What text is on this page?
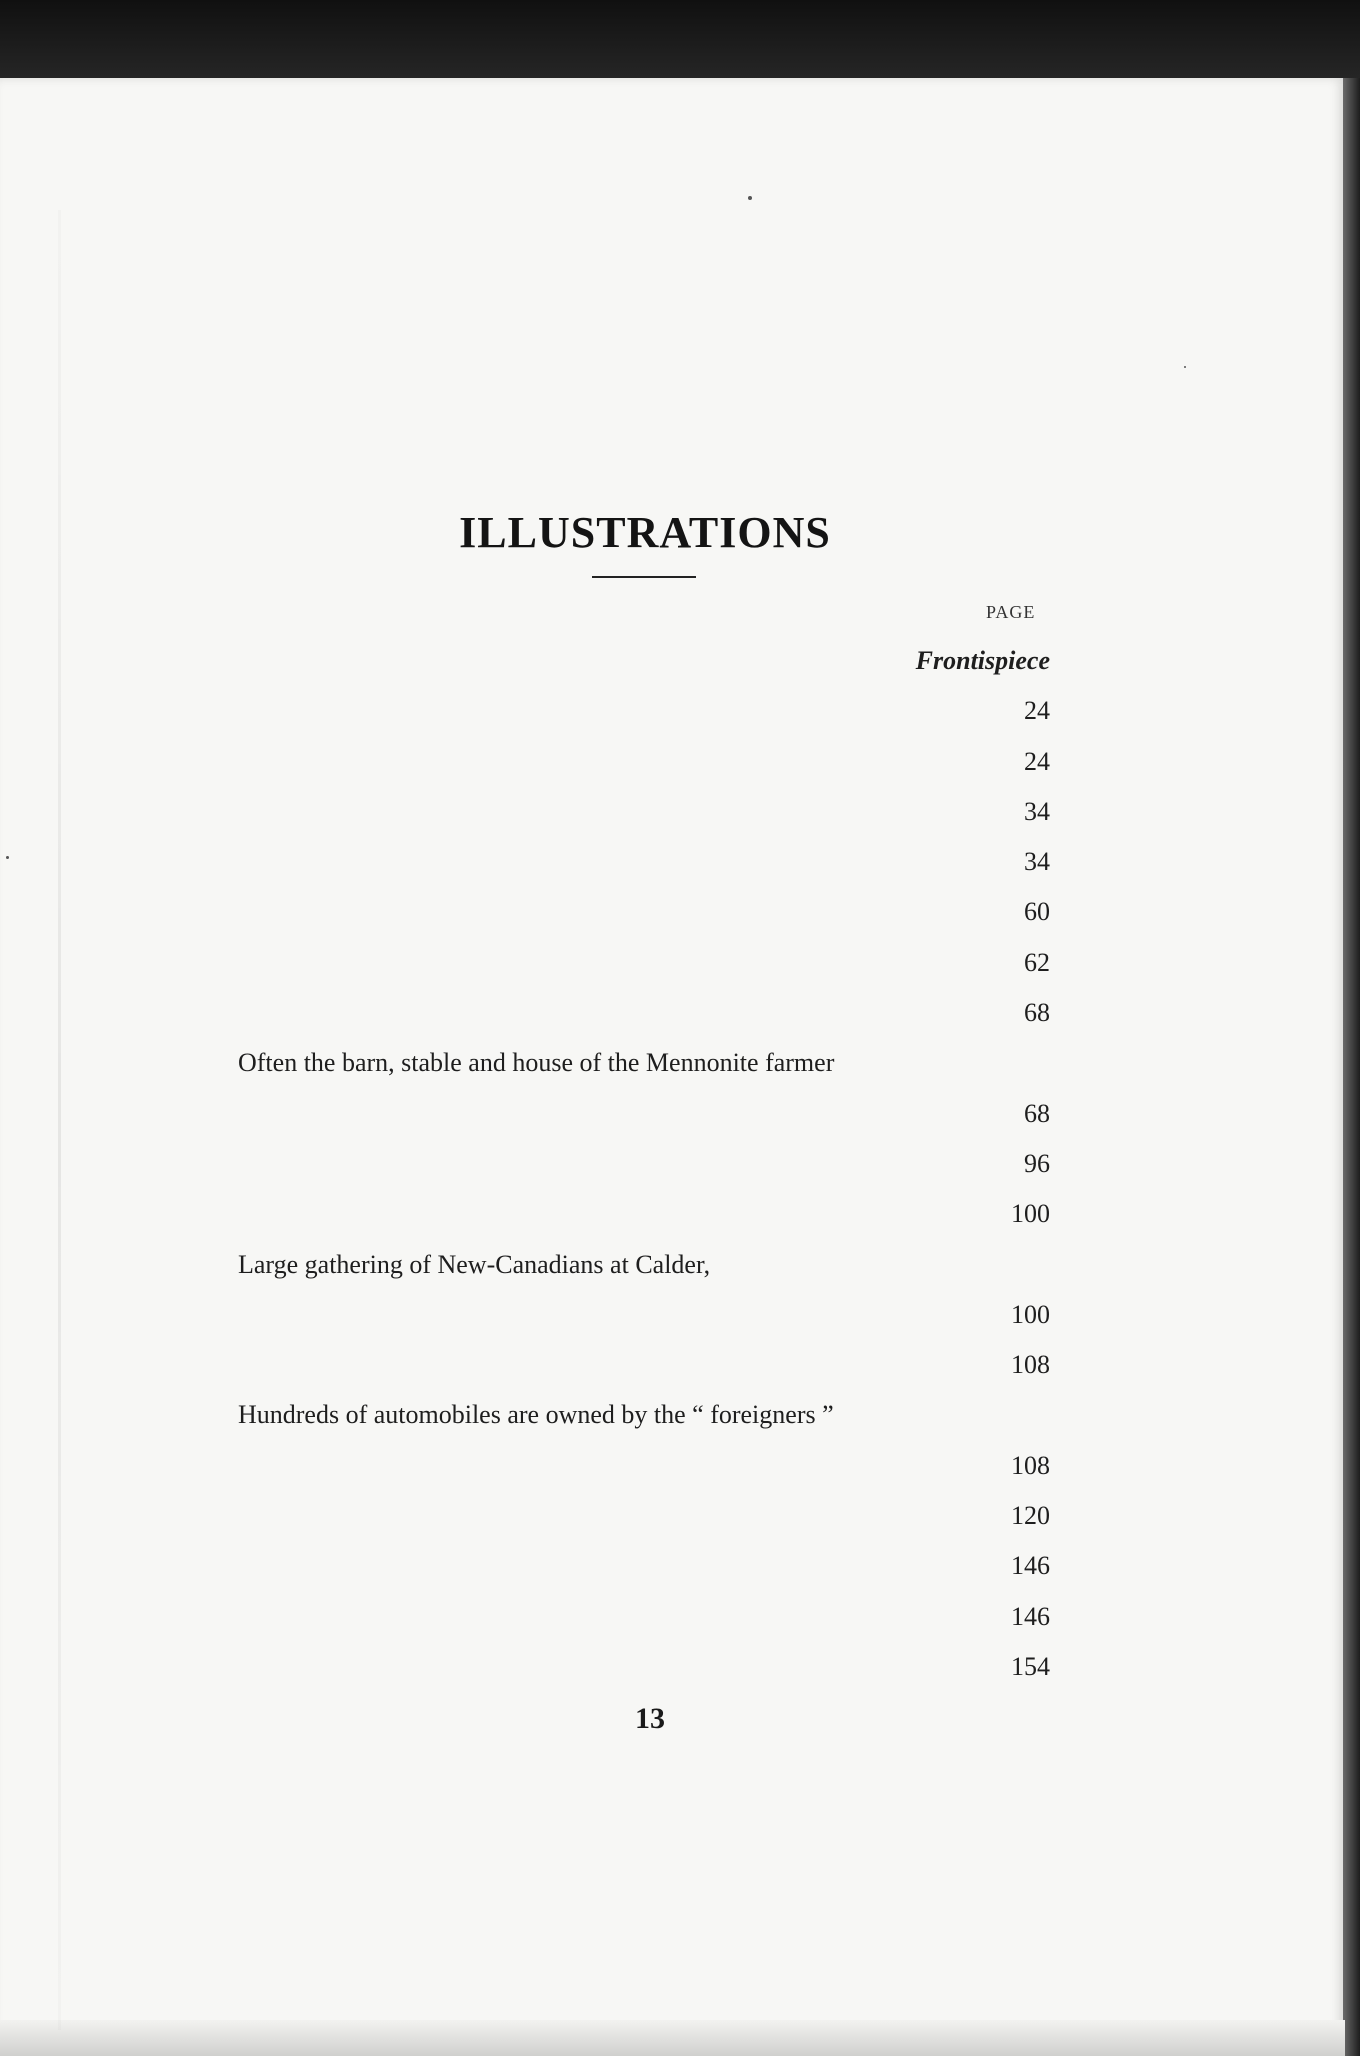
ILLUSTRATIONS
PAGE
Frontispiece
24
24
34
34
60
62
68
Often the barn, stable and house of the Mennonite farmer
68
96
100
Large gathering of New-Canadians at Calder,
100
108
Hundreds of automobiles are owned by the “ foreigners ”
108
120
146
146
154
13
